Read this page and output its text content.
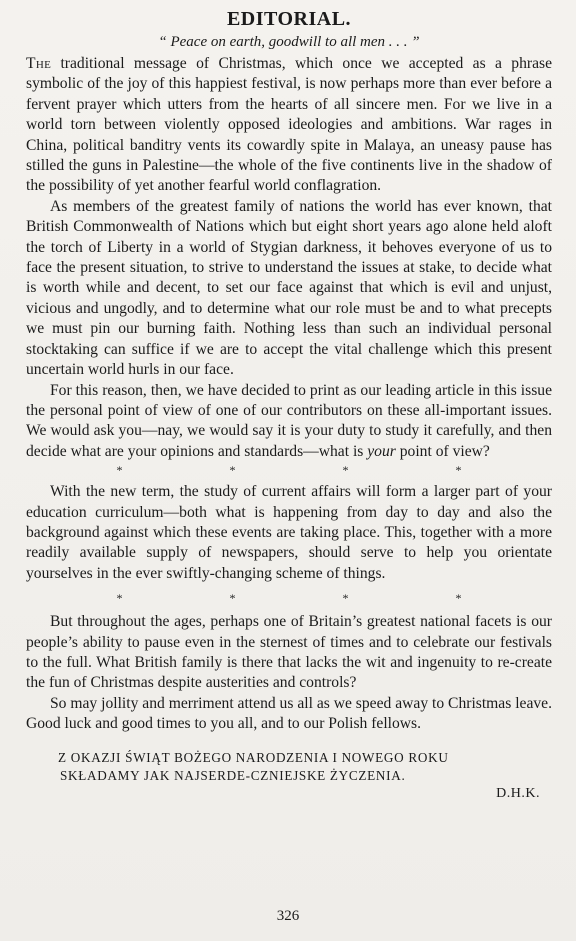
EDITORIAL.
“ Peace on earth, goodwill to all men . . . ”

The traditional message of Christmas, which once we accepted as a phrase symbolic of the joy of this happiest festival, is now perhaps more than ever before a fervent prayer which utters from the hearts of all sincere men. For we live in a world torn between violently opposed ideologies and ambitions. War rages in China, political banditry vents its cowardly spite in Malaya, an uneasy pause has stilled the guns in Palestine—the whole of the five continents live in the shadow of the possibility of yet another fearful world conflagration.

As members of the greatest family of nations the world has ever known, that British Commonwealth of Nations which but eight short years ago alone held aloft the torch of Liberty in a world of Stygian darkness, it behoves everyone of us to face the present situation, to strive to understand the issues at stake, to decide what is worth while and decent, to set our face against that which is evil and unjust, vicious and ungodly, and to determine what our role must be and to what precepts we must pin our burning faith. Nothing less than such an individual personal stocktaking can suffice if we are to accept the vital challenge which this present uncertain world hurls in our face.

For this reason, then, we have decided to print as our leading article in this issue the personal point of view of one of our contributors on these all-important issues. We would ask you—nay, we would say it is your duty to study it carefully, and then decide what are your opinions and standards—what is your point of view?

* * * *

With the new term, the study of current affairs will form a larger part of your education curriculum—both what is happening from day to day and also the background against which these events are taking place. This, together with a more readily available supply of newspapers, should serve to help you orientate yourselves in the ever swiftly-changing scheme of things.

* * * *

But throughout the ages, perhaps one of Britain’s greatest national facets is our people’s ability to pause even in the sternest of times and to celebrate our festivals to the full. What British family is there that lacks the wit and ingenuity to re-create the fun of Christmas despite austerities and controls?

So may jollity and merriment attend us all as we speed away to Christmas leave. Good luck and good times to you all, and to our Polish fellows.

Z OKAZJI ŚWIĄT BOŻEGO NARODZENIA I NOWEGO ROKU
SKŁADAMY JAK NAJSERDE-CZNIEJSKE ŻYCZENIA.
D.H.K.
326
